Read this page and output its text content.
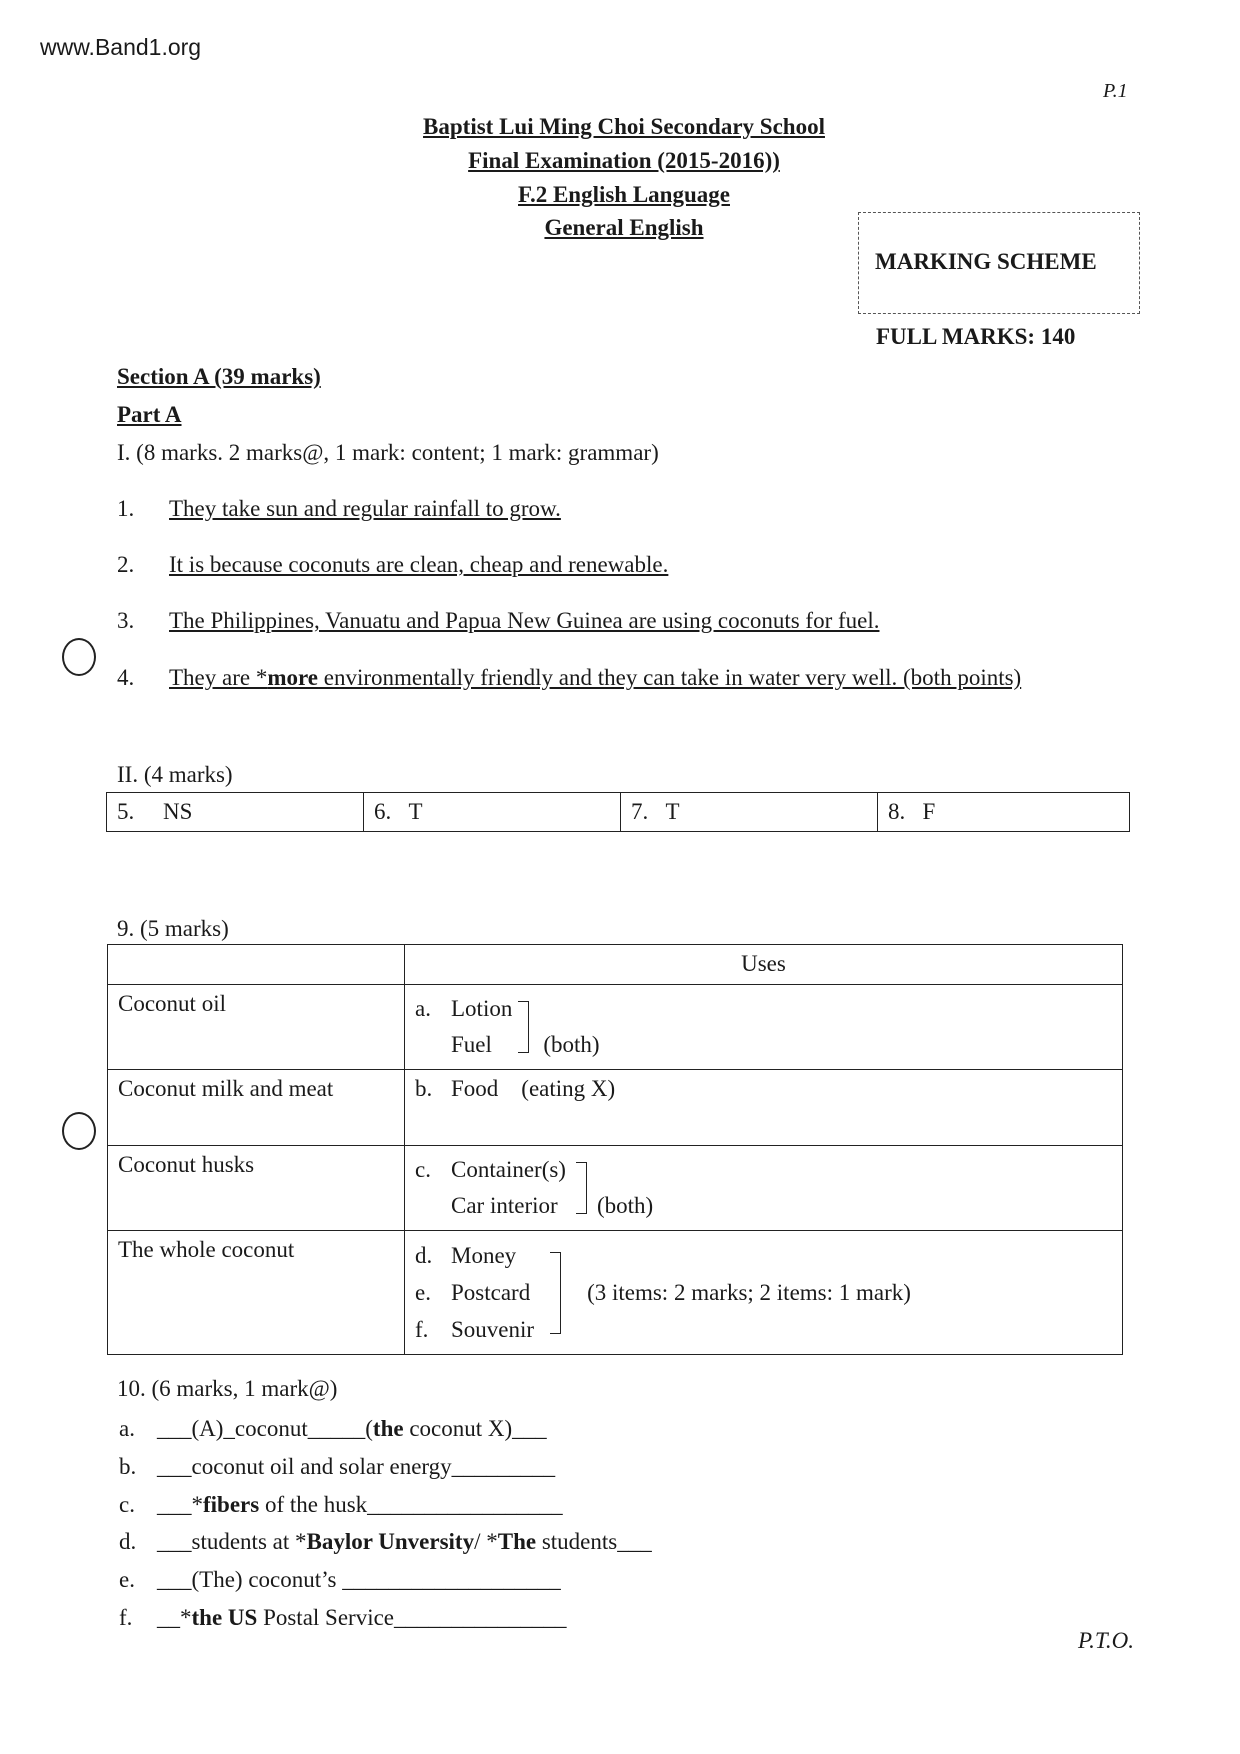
www.Band1.org
P.1
Baptist Lui Ming Choi Secondary School
Final Examination (2015-2016))
F.2 English Language
General English
MARKING SCHEME
FULL MARKS: 140
Section A (39 marks)
Part A
I. (8 marks. 2 marks@, 1 mark: content; 1 mark: grammar)
1. They take sun and regular rainfall to grow.
2. It is because coconuts are clean, cheap and renewable.
3. The Philippines, Vanuatu and Papua New Guinea are using coconuts for fuel.
4. They are *more environmentally friendly and they can take in water very well. (both points)
II. (4 marks)
5. NS	6. T	7. T	8. F
9. (5 marks)
	Uses
Coconut oil	a. Lotion
Fuel (both)

Coconut milk and meat	b. Food    (eating X)
Coconut husks	c. Container(s)
Car interior (both)

The whole coconut	d. Money
e. Postcard
f. Souvenir
(3 items: 2 marks; 2 items: 1 mark)
10. (6 marks, 1 mark@)
a. ___(A)_coconut_____(the coconut X)___
b. ___coconut oil and solar energy_________
c. ___*fibers of the husk_________________
d. ___students at *Baylor Unversity/ *The students___
e. ___(The) coconut’s ___________________
f. __*the US Postal Service_______________
P.T.O.
